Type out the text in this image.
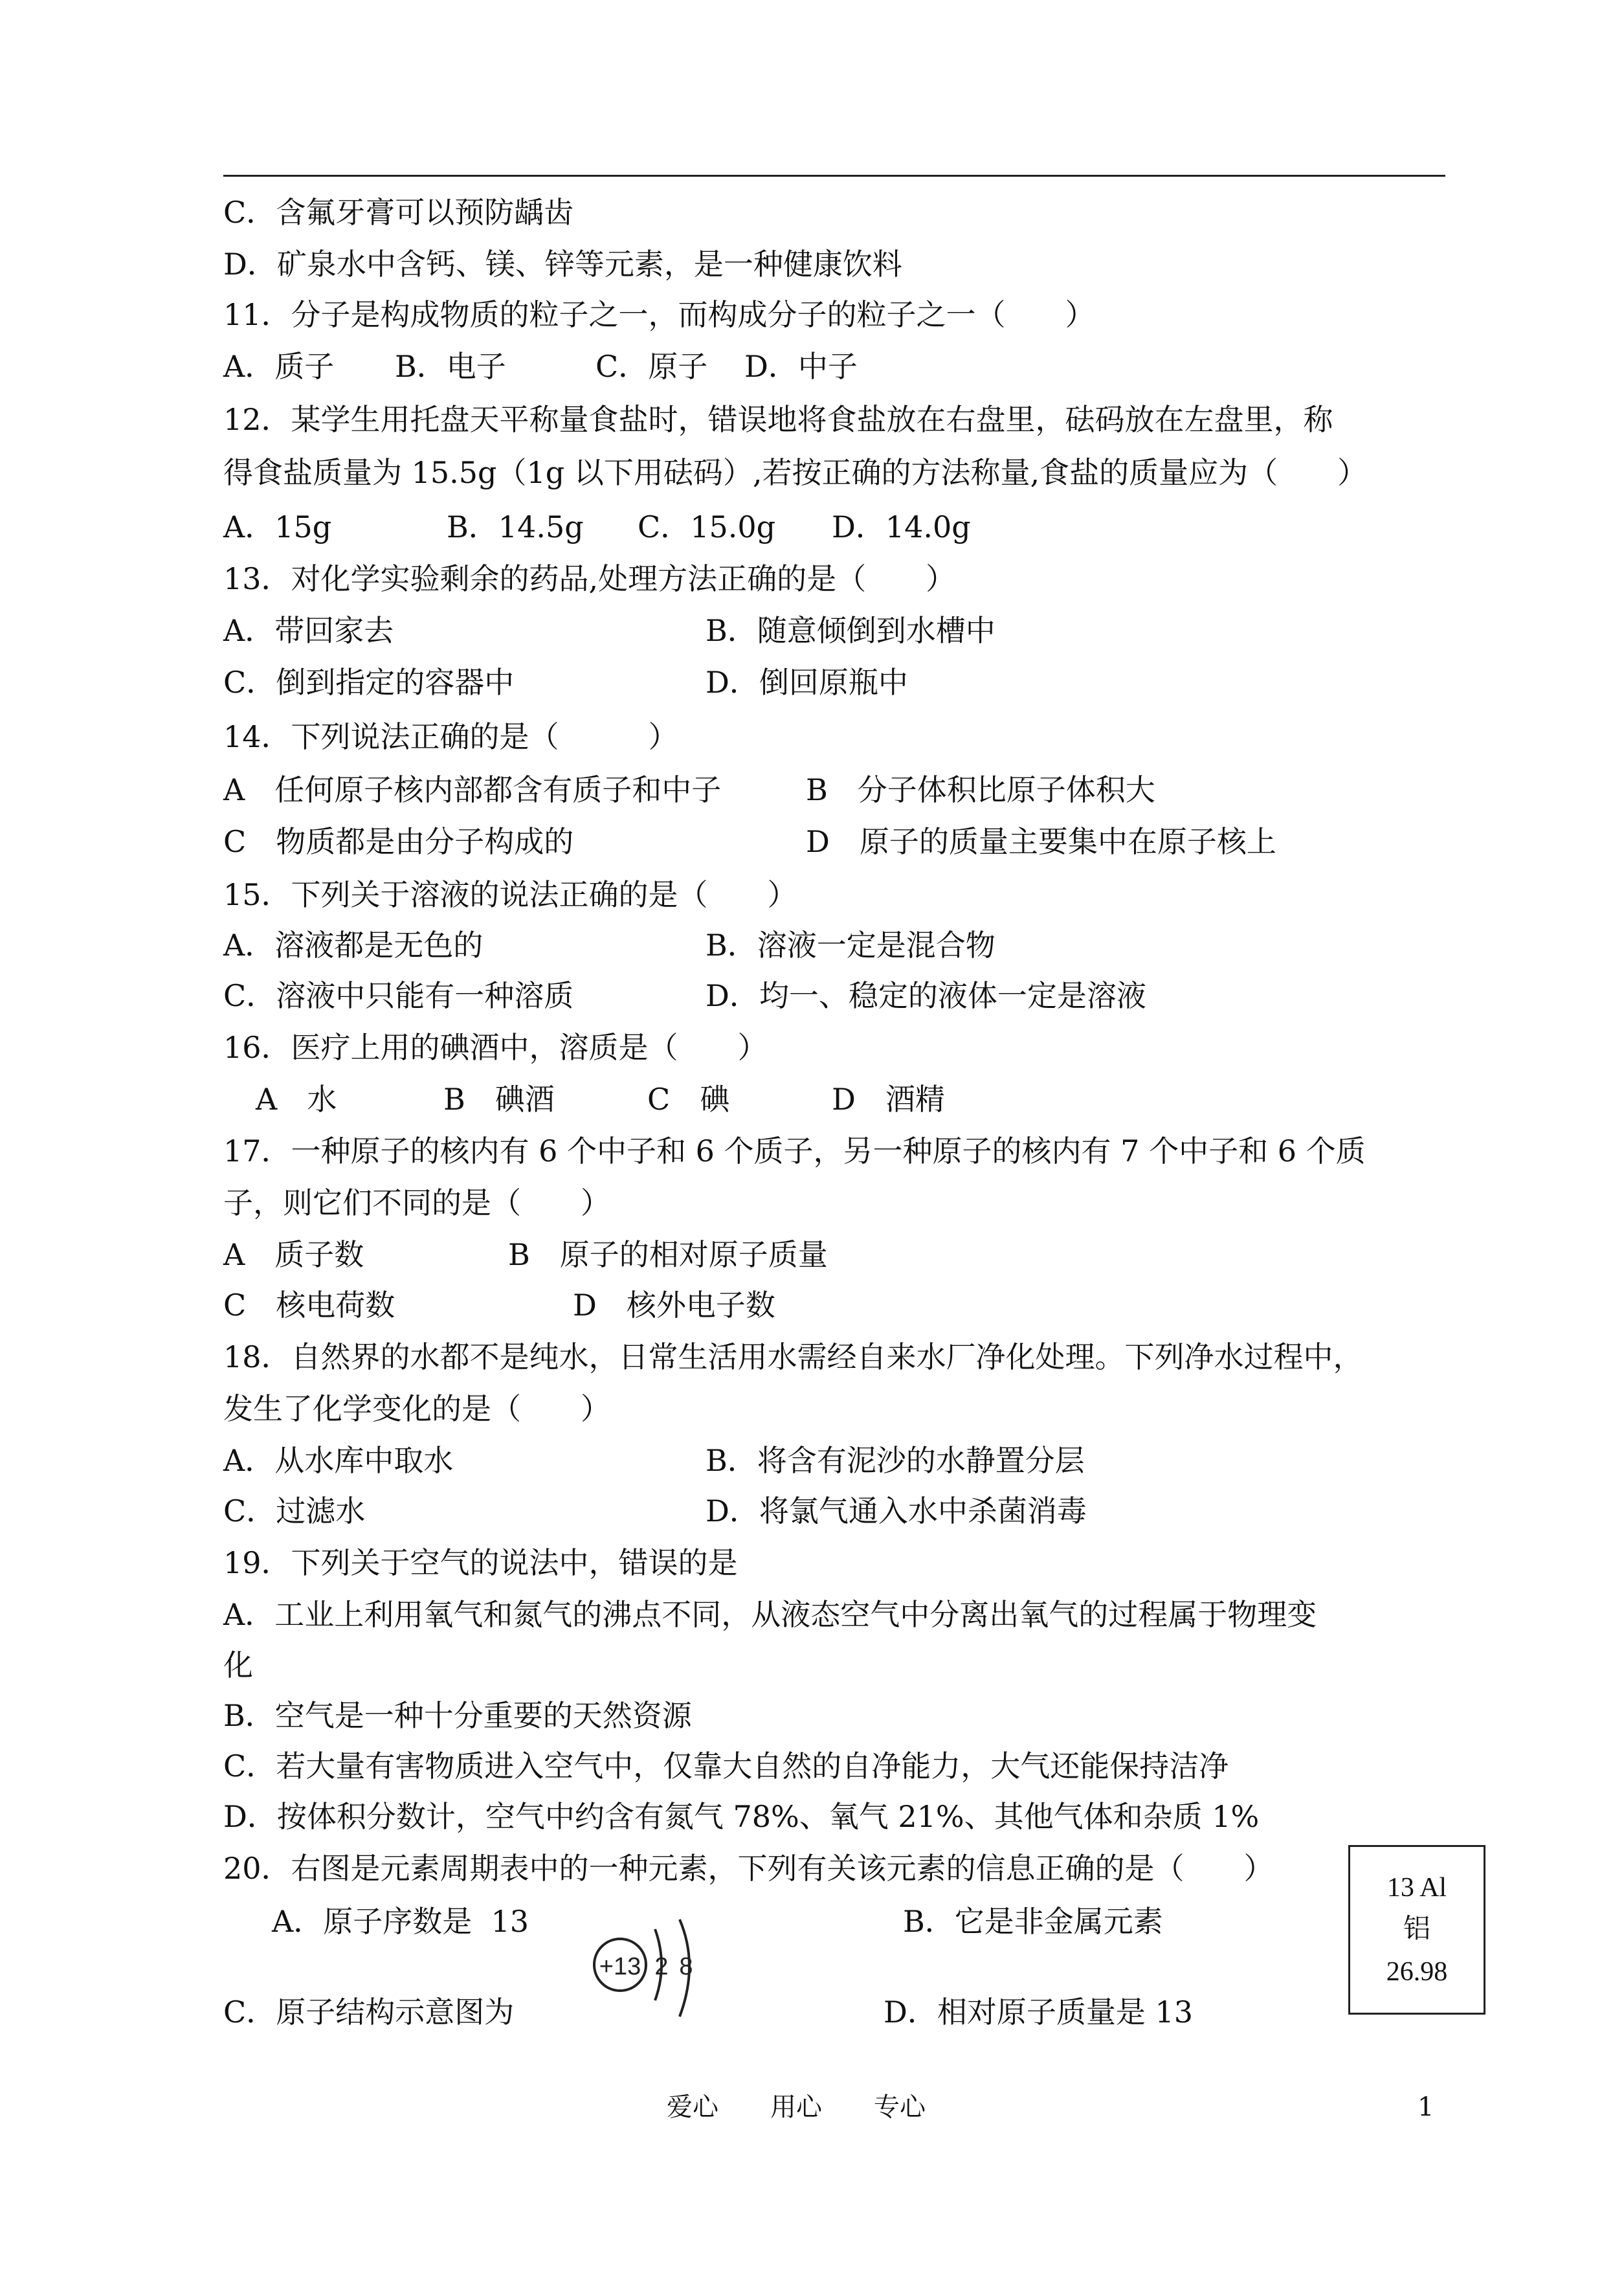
C．含氟牙膏可以预防龋齿
D．矿泉水中含钙、镁、锌等元素，是一种健康饮料
11．分子是构成物质的粒子之一，而构成分子的粒子之一（　　）
A．质子 B．电子	C．原子 D．中子
12．某学生用托盘天平称量食盐时，错误地将食盐放在右盘里，砝码放在左盘里，称
得食盐质量为 15.5g（1g 以下用砝码）,若按正确的方法称量,食盐的质量应为（　　）
A．15g	B．14.5g C．15.0g D．14.0g
13．对化学实验剩余的药品,处理方法正确的是（　　）
A．带回家去	B．随意倾倒到水槽中
C．倒到指定的容器中	D．倒回原瓶中
14．下列说法正确的是（　　　）
A　任何原子核内部都含有质子和中子	B　分子体积比原子体积大
C　物质都是由分子构成的	D　原子的质量主要集中在原子核上
15．下列关于溶液的说法正确的是（　　）
A．溶液都是无色的	B．溶液一定是混合物
C．溶液中只能有一种溶质	D．均一、稳定的液体一定是溶液
16．医疗上用的碘酒中，溶质是（　　）
A　水	B　碘酒	C　碘	D　酒精
17．一种原子的核内有 6 个中子和 6 个质子，另一种原子的核内有 7 个中子和 6 个质
子，则它们不同的是（　　）
A　质子数	B　原子的相对原子质量
C　核电荷数	D　核外电子数
18．自然界的水都不是纯水，日常生活用水需经自来水厂净化处理。下列净水过程中，
发生了化学变化的是（　　）
A．从水库中取水	B．将含有泥沙的水静置分层
C．过滤水	D．将氯气通入水中杀菌消毒
19．下列关于空气的说法中，错误的是
A．工业上利用氧气和氮气的沸点不同，从液态空气中分离出氧气的过程属于物理变
化
B．空气是一种十分重要的天然资源
C．若大量有害物质进入空气中，仅靠大自然的自净能力，大气还能保持洁净
D．按体积分数计，空气中约含有氮气 78%、氧气 21%、其他气体和杂质 1%
20．右图是元素周期表中的一种元素，下列有关该元素的信息正确的是（　　）
A．原子序数是  13	B．它是非金属元素
C．原子结构示意图为	D．相对原子质量是 13
+13 2 8
13 Al
铝
26.98
爱心　　用心　　专心	1
